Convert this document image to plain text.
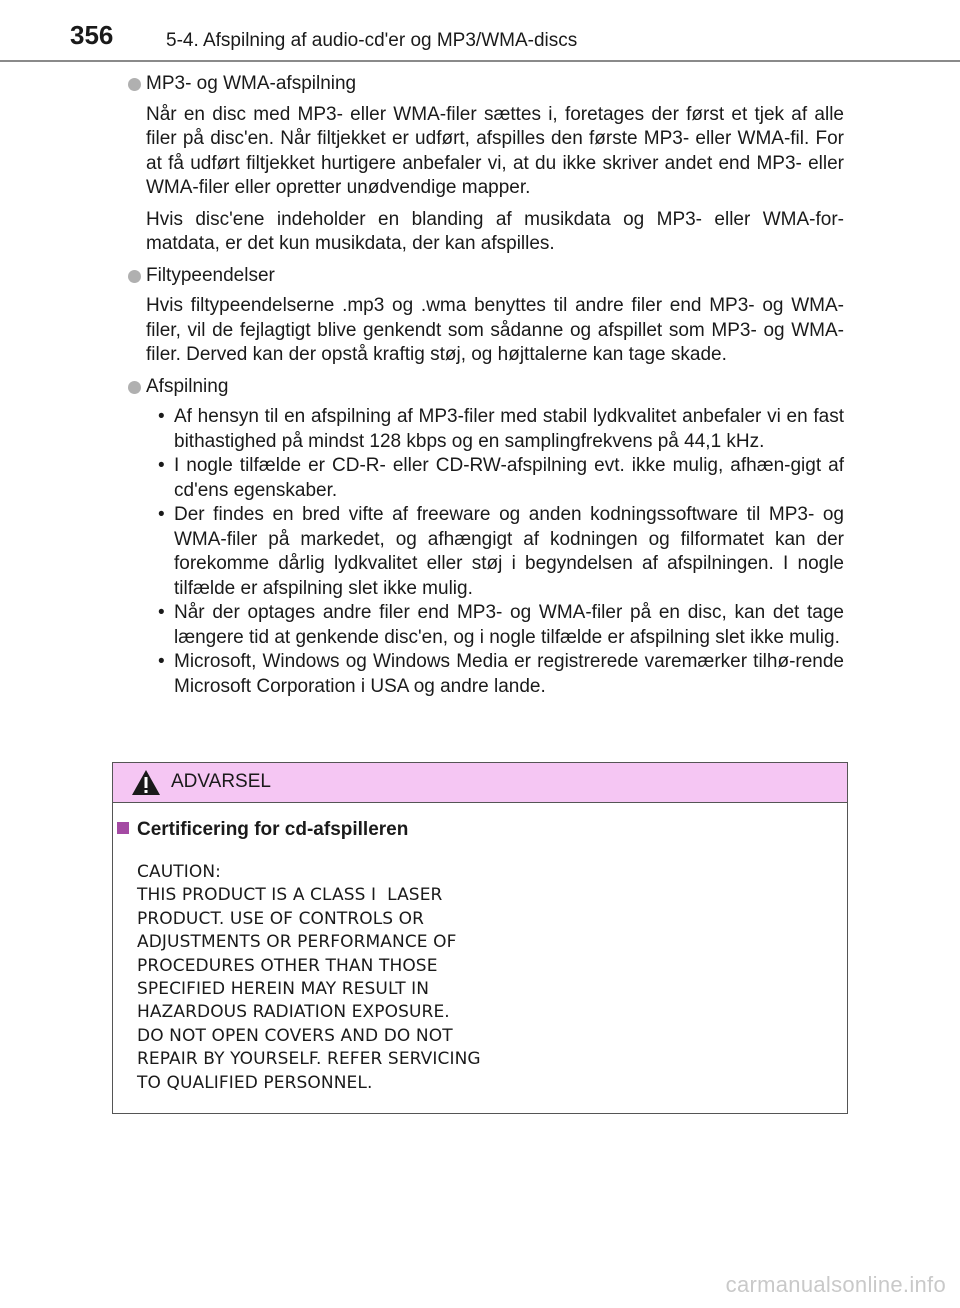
356	5-4. Afspilning af audio-cd'er og MP3/WMA-discs
MP3- og WMA-afspilning

Når en disc med MP3- eller WMA-filer sættes i, foretages der først et tjek af alle filer på disc'en. Når filtjekket er udført, afspilles den første MP3- eller WMA-fil. For at få udført filtjekket hurtigere anbefaler vi, at du ikke skriver andet end MP3- eller WMA-filer eller opretter unødvendige mapper.

Hvis disc'ene indeholder en blanding af musikdata og MP3- eller WMA-for-matdata, er det kun musikdata, der kan afspilles.

Filtypeendelser

Hvis filtypeendelserne .mp3 og .wma benyttes til andre filer end MP3- og WMA-filer, vil de fejlagtigt blive genkendt som sådanne og afspillet som MP3- og WMA-filer. Derved kan der opstå kraftig støj, og højttalerne kan tage skade.

Afspilning
• Af hensyn til en afspilning af MP3-filer med stabil lydkvalitet anbefaler vi en fast bithastighed på mindst 128 kbps og en samplingfrekvens på 44,1 kHz.
• I nogle tilfælde er CD-R- eller CD-RW-afspilning evt. ikke mulig, afhæn-gigt af cd'ens egenskaber.
• Der findes en bred vifte af freeware og anden kodningssoftware til MP3- og WMA-filer på markedet, og afhængigt af kodningen og filformatet kan der forekomme dårlig lydkvalitet eller støj i begyndelsen af afspilningen. I nogle tilfælde er afspilning slet ikke mulig.
• Når der optages andre filer end MP3- og WMA-filer på en disc, kan det tage længere tid at genkende disc'en, og i nogle tilfælde er afspilning slet ikke mulig.
• Microsoft, Windows og Windows Media er registrerede varemærker tilhø-rende Microsoft Corporation i USA og andre lande.
ADVARSEL
Certificering for cd-afspilleren
CAUTION:
THIS PRODUCT IS A CLASS Ⅰ  LASER
PRODUCT. USE OF CONTROLS OR
ADJUSTMENTS OR PERFORMANCE OF
PROCEDURES OTHER THAN THOSE
SPECIFIED HEREIN MAY RESULT IN
HAZARDOUS RADIATION EXPOSURE.
DO NOT OPEN COVERS AND DO NOT
REPAIR BY YOURSELF. REFER SERVICING
TO QUALIFIED PERSONNEL.
carmanualsonline.info
